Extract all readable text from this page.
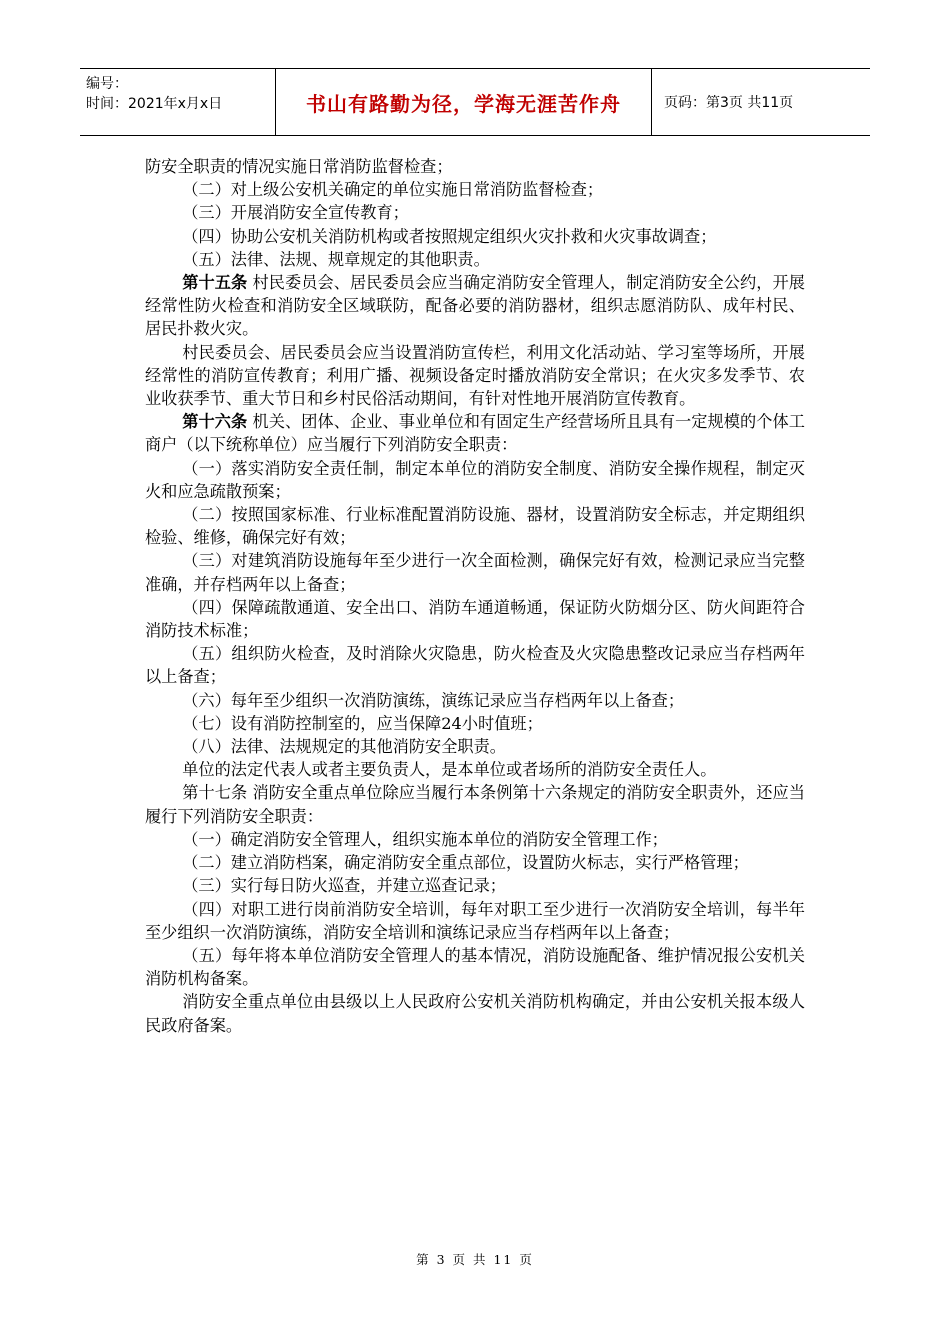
编号：
时间：2021年x月x日	书山有路勤为径，学海无涯苦作舟	页码：第3页 共11页

防安全职责的情况实施日常消防监督检查；

（二）对上级公安机关确定的单位实施日常消防监督检查；

（三）开展消防安全宣传教育；

（四）协助公安机关消防机构或者按照规定组织火灾扑救和火灾事故调查；

（五）法律、法规、规章规定的其他职责。

第十五条 村民委员会、居民委员会应当确定消防安全管理人，制定消防安全公约，开展经常性防火检查和消防安全区域联防，配备必要的消防器材，组织志愿消防队、成年村民、居民扑救火灾。

村民委员会、居民委员会应当设置消防宣传栏，利用文化活动站、学习室等场所，开展经常性的消防宣传教育；利用广播、视频设备定时播放消防安全常识；在火灾多发季节、农业收获季节、重大节日和乡村民俗活动期间，有针对性地开展消防宣传教育。

第十六条 机关、团体、企业、事业单位和有固定生产经营场所且具有一定规模的个体工商户（以下统称单位）应当履行下列消防安全职责：

（一）落实消防安全责任制，制定本单位的消防安全制度、消防安全操作规程，制定灭火和应急疏散预案；

（二）按照国家标准、行业标准配置消防设施、器材，设置消防安全标志，并定期组织检验、维修，确保完好有效；

（三）对建筑消防设施每年至少进行一次全面检测，确保完好有效，检测记录应当完整准确，并存档两年以上备查；

（四）保障疏散通道、安全出口、消防车通道畅通，保证防火防烟分区、防火间距符合消防技术标准；

（五）组织防火检查，及时消除火灾隐患，防火检查及火灾隐患整改记录应当存档两年以上备查；

（六）每年至少组织一次消防演练，演练记录应当存档两年以上备查；

（七）设有消防控制室的，应当保障24小时值班；

（八）法律、法规规定的其他消防安全职责。

单位的法定代表人或者主要负责人，是本单位或者场所的消防安全责任人。

第十七条 消防安全重点单位除应当履行本条例第十六条规定的消防安全职责外，还应当履行下列消防安全职责：

（一）确定消防安全管理人，组织实施本单位的消防安全管理工作；

（二）建立消防档案，确定消防安全重点部位，设置防火标志，实行严格管理；

（三）实行每日防火巡查，并建立巡查记录；

（四）对职工进行岗前消防安全培训，每年对职工至少进行一次消防安全培训，每半年至少组织一次消防演练，消防安全培训和演练记录应当存档两年以上备查；

（五）每年将本单位消防安全管理人的基本情况，消防设施配备、维护情况报公安机关消防机构备案。

消防安全重点单位由县级以上人民政府公安机关消防机构确定，并由公安机关报本级人民政府备案。

第 3 页 共 11 页
